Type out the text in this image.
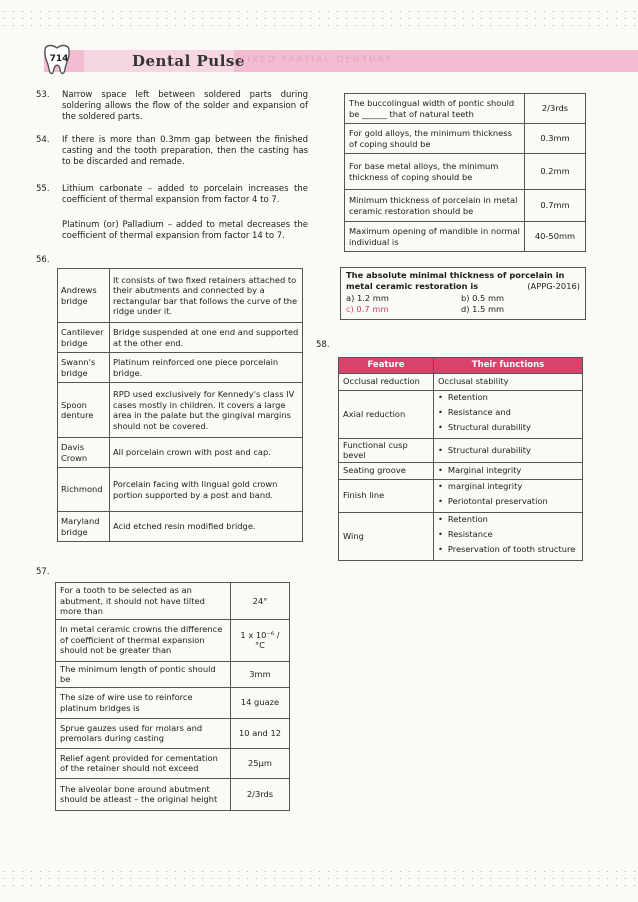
714	Dental Pulse
FIXED PARTIAL DENTURE
53. Narrow space left between soldered parts during soldering allows the flow of the solder and expansion of the soldered parts.
54. If there is more than 0.3mm gap between the finished casting and the tooth preparation, then the casting has to be discarded and remade.
55. Lithium carbonate – added to porcelain increases the coefficient of thermal expansion from factor 4 to 7.
Platinum (or) Palladium – added to metal decreases the coefficient of thermal expansion from factor 14 to 7.
56.
Andrews bridge	It consists of two fixed retainers attached to their abutments and connected by a rectangular bar that follows the curve of the ridge under it.
Cantilever bridge	Bridge suspended at one end and supported at the other end.
Swann's bridge	Platinum reinforced one piece porcelain bridge.
Spoon denture	RPD used exclusively for Kennedy's class IV cases mostly in children. It covers a large area in the palate but the gingival margins should not be covered.
Davis Crown	All porcelain crown with post and cap.
Richmond	Porcelain facing with lingual gold crown portion supported by a post and band.
Maryland bridge	Acid etched resin modified bridge.
57.
For a tooth to be selected as an abutment, it should not have tilted more than	24°
In metal ceramic crowns the difference of coefficient of thermal expansion should not be greater than	1 x 10⁻⁶ / °C
The minimum length of pontic should be	3mm
The size of wire use to reinforce platinum bridges is	14 guaze
Sprue gauzes used for molars and premolars during casting	10 and 12
Relief agent provided for cementation of the retainer should not exceed	25μm
The alveolar bone around abutment should be atleast – the original height	2/3rds
The buccolingual width of pontic should be ______ that of natural teeth	2/3rds
For gold alloys, the minimum thickness of coping should be	0.3mm
For base metal alloys, the minimum thickness of coping should be	0.2mm
Minimum thickness of porcelain in metal ceramic restoration should be	0.7mm
Maximum opening of mandible in normal individual is	40-50mm
The absolute minimal thickness of porcelain in metal ceramic restoration is	(APPG-2016)
a) 1.2 mm	b) 0.5 mm
c) 0.7 mm	d) 1.5 mm
58.
Feature	Their functions
Occlusal reduction	Occlusal stability

Axial reduction	• Retention
• Resistance and
• Structural durability

Functional cusp bevel	• Structural durability

Seating groove	• Marginal integrity

Finish line	• marginal integrity
• Periotontal preservation

Wing	• Retention
• Resistance
• Preservation of tooth structure
